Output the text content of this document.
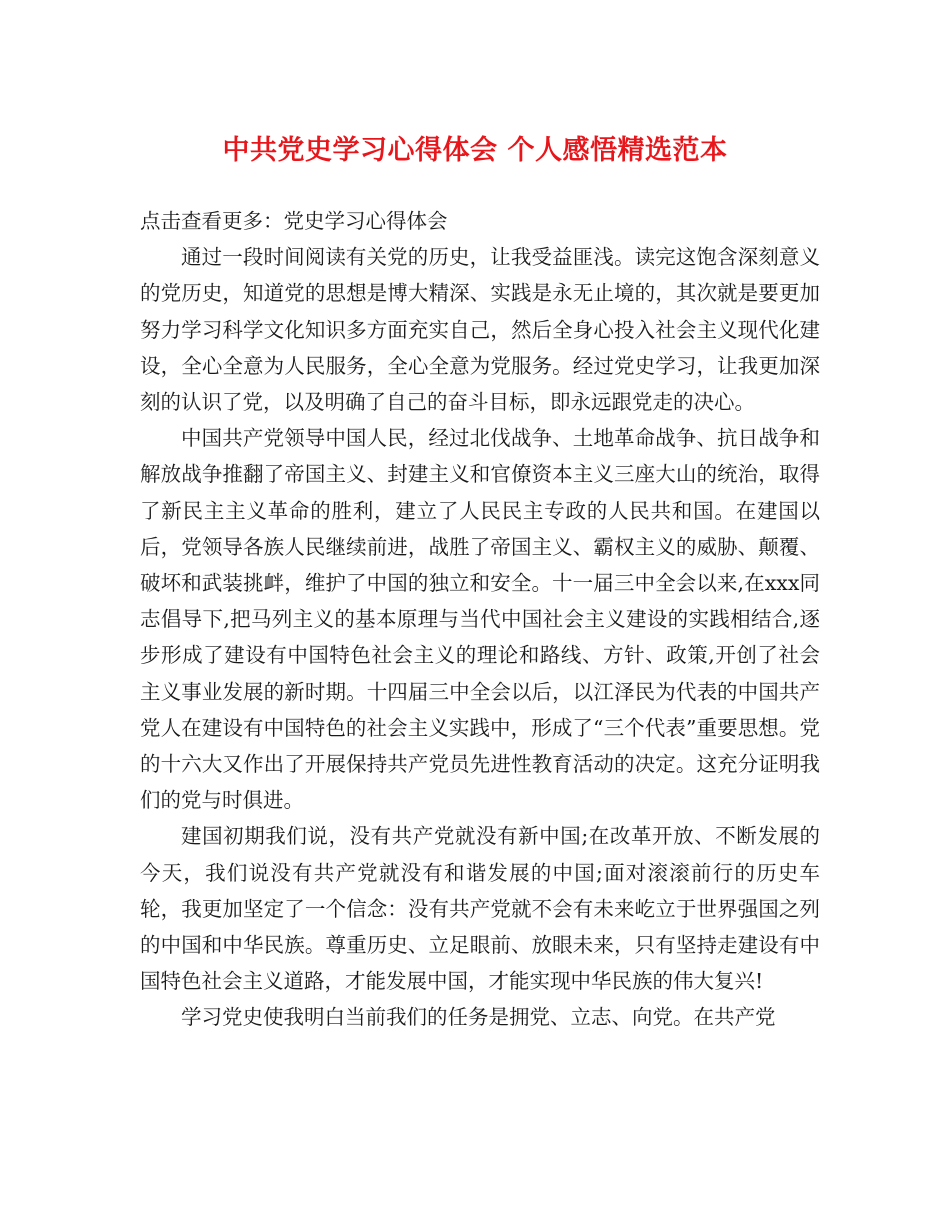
中共党史学习心得体会 个人感悟精选范本

点击查看更多：党史学习心得体会

通过一段时间阅读有关党的历史，让我受益匪浅。读完这饱含深刻意义的党历史，知道党的思想是博大精深、实践是永无止境的，其次就是要更加努力学习科学文化知识多方面充实自己，然后全身心投入社会主义现代化建设，全心全意为人民服务，全心全意为党服务。经过党史学习，让我更加深刻的认识了党，以及明确了自己的奋斗目标，即永远跟党走的决心。

中国共产党领导中国人民，经过北伐战争、土地革命战争、抗日战争和解放战争推翻了帝国主义、封建主义和官僚资本主义三座大山的统治，取得了新民主主义革命的胜利，建立了人民民主专政的人民共和国。在建国以后，党领导各族人民继续前进，战胜了帝国主义、霸权主义的威胁、颠覆、破坏和武装挑衅，维护了中国的独立和安全。十一届三中全会以来,在xxx同志倡导下,把马列主义的基本原理与当代中国社会主义建设的实践相结合,逐步形成了建设有中国特色社会主义的理论和路线、方针、政策,开创了社会主义事业发展的新时期。十四届三中全会以后，以江泽民为代表的中国共产党人在建设有中国特色的社会主义实践中，形成了“三个代表”重要思想。党的十六大又作出了开展保持共产党员先进性教育活动的决定。这充分证明我们的党与时俱进。

建国初期我们说，没有共产党就没有新中国;在改革开放、不断发展的今天，我们说没有共产党就没有和谐发展的中国;面对滚滚前行的历史车轮，我更加坚定了一个信念：没有共产党就不会有未来屹立于世界强国之列的中国和中华民族。尊重历史、立足眼前、放眼未来，只有坚持走建设有中国特色社会主义道路，才能发展中国，才能实现中华民族的伟大复兴!

学习党史使我明白当前我们的任务是拥党、立志、向党。在共产党
